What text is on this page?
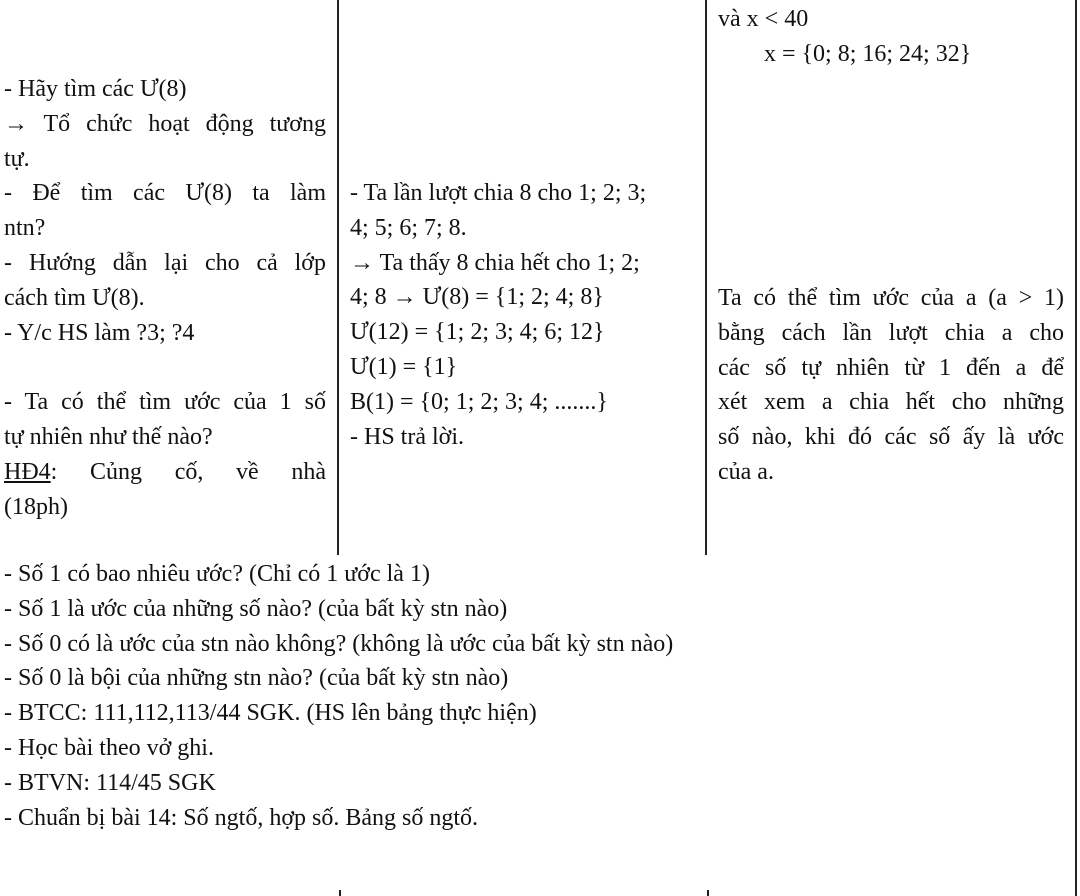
và x < 40
x = {0; 8; 16; 24; 32}
- Hãy tìm các Ư(8)
→ Tổ chức hoạt động tương
tự.
- Để tìm các Ư(8) ta làm
ntn?
- Hướng dẫn lại cho cả lớp
cách tìm Ư(8).
- Y/c HS làm ?3; ?4

- Ta có thể tìm ước của 1 số
tự nhiên như thế nào?
HĐ4: Củng cố, về nhà
(18ph)
- Ta lần lượt chia 8 cho 1; 2; 3;
4; 5; 6; 7; 8.
→ Ta thấy 8 chia hết cho 1; 2;
4; 8 → Ư(8) = {1; 2; 4; 8}
Ư(12) = {1; 2; 3; 4; 6; 12}
Ư(1) = {1}
B(1) = {0; 1; 2; 3; 4; .......}
- HS trả lời.
Ta có thể tìm ước của a (a > 1)
bằng cách lần lượt chia a cho
các số tự nhiên từ 1 đến a để
xét xem a chia hết cho những
số nào, khi đó các số ấy là ước
của a.
- Số 1 có bao nhiêu ước? (Chỉ có 1 ước là 1)
- Số 1 là ước của những số nào? (của bất kỳ stn nào)
- Số 0 có là ước của stn nào không? (không là ước của bất kỳ stn nào)
- Số 0 là bội của những stn nào? (của bất kỳ stn nào)
- BTCC: 111,112,113/44 SGK. (HS lên bảng thực hiện)
- Học bài theo vở ghi.
- BTVN: 114/45 SGK
- Chuẩn bị bài 14: Số ngtố, hợp số. Bảng số ngtố.
